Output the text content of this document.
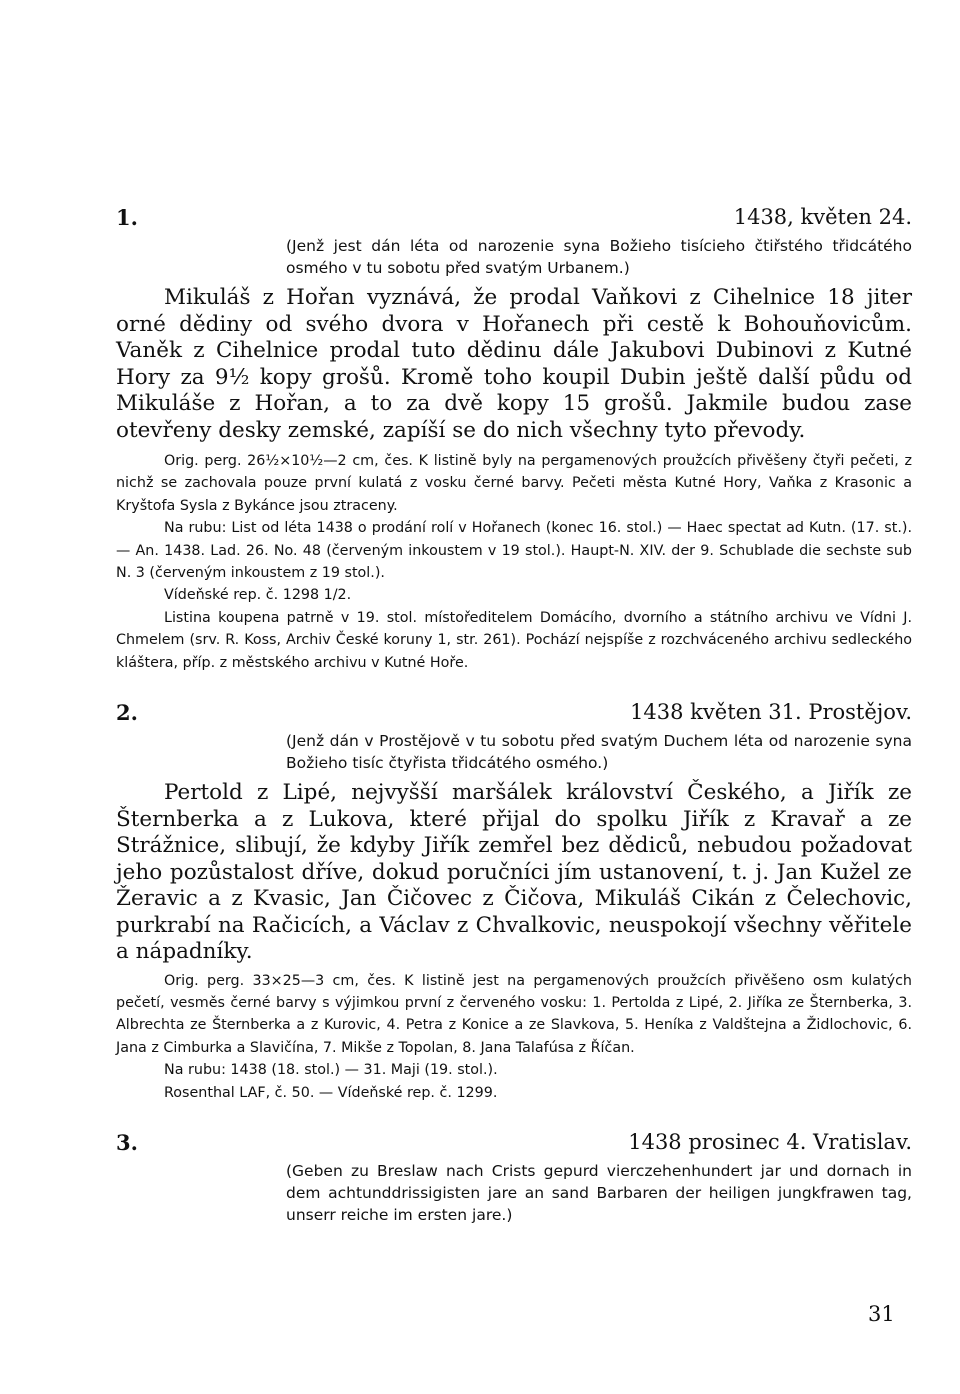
1.	1438, květen 24.
(Jenž jest dán léta od narozenie syna Božieho tisícieho čtiřstého třidcátého osmého v tu sobotu před svatým Urbanem.)
Mikuláš z Hořan vyznává, že prodal Vaňkovi z Cihelnice 18 jiter orné dědiny od svého dvora v Hořanech při cestě k Bohouňovicům. Vaněk z Cihelnice prodal tuto dědinu dále Jakubovi Dubinovi z Kutné Hory za 9½ kopy grošů. Kromě toho koupil Dubin ještě další půdu od Mikuláše z Hořan, a to za dvě kopy 15 grošů. Jakmile budou zase otevřeny desky zemské, zapíší se do nich všechny tyto převody.

Orig. perg. 26½×10½—2 cm, čes. K listině byly na pergamenových proužcích přivěšeny čtyři pečeti, z nichž se zachovala pouze první kulatá z vosku černé barvy. Pečeti města Kutné Hory, Vaňka z Krasonic a Kryštofa Sysla z Bykánce jsou ztraceny.

Na rubu: List od léta 1438 o prodání rolí v Hořanech (konec 16. stol.) — Haec spectat ad Kutn. (17. st.). — An. 1438. Lad. 26. No. 48 (červeným inkoustem v 19 stol.). Haupt-N. XIV. der 9. Schublade die sechste sub N. 3 (červeným inkoustem z 19 stol.).

Vídeňské rep. č. 1298 1/2.

Listina koupena patrně v 19. stol. místoředitelem Domácího, dvorního a státního archivu ve Vídni J. Chmelem (srv. R. Koss, Archiv České koruny 1, str. 261). Pochází nejspíše z rozchváceného archivu sedleckého kláštera, příp. z městského archivu v Kutné Hoře.

2.	1438 květen 31. Prostějov.
(Jenž dán v Prostějově v tu sobotu před svatým Duchem léta od narozenie syna Božieho tisíc čtyřista třidcátého osmého.)
Pertold z Lipé, nejvyšší maršálek království Českého, a Jiřík ze Šternberka a z Lukova, které přijal do spolku Jiřík z Kravař a ze Strážnice, slibují, že kdyby Jiřík zemřel bez dědiců, nebudou požadovat jeho pozůstalost dříve, dokud poručníci jím ustanovení, t. j. Jan Kužel ze Žeravic a z Kvasic, Jan Čičovec z Čičova, Mikuláš Cikán z Čelechovic, purkrabí na Račicích, a Václav z Chvalkovic, neuspokojí všechny věřitele a nápadníky.

Orig. perg. 33×25—3 cm, čes. K listině jest na pergamenových proužcích přivěšeno osm kulatých pečetí, vesměs černé barvy s výjimkou první z červeného vosku: 1. Pertolda z Lipé, 2. Jiříka ze Šternberka, 3. Albrechta ze Šternberka a z Kurovic, 4. Petra z Konice a ze Slavkova, 5. Heníka z Valdštejna a Židlochovic, 6. Jana z Cimburka a Slavičína, 7. Mikše z Topolan, 8. Jana Talafúsa z Říčan.

Na rubu: 1438 (18. stol.) — 31. Maji (19. stol.).

Rosenthal LAF, č. 50. — Vídeňské rep. č. 1299.

3.	1438 prosinec 4. Vratislav.
(Geben zu Breslaw nach Crists gepurd vierczehenhundert jar und dornach in dem achtunddrissigisten jare an sand Barbaren der heiligen jungkfrawen tag, unserr reiche im ersten jare.)
31
